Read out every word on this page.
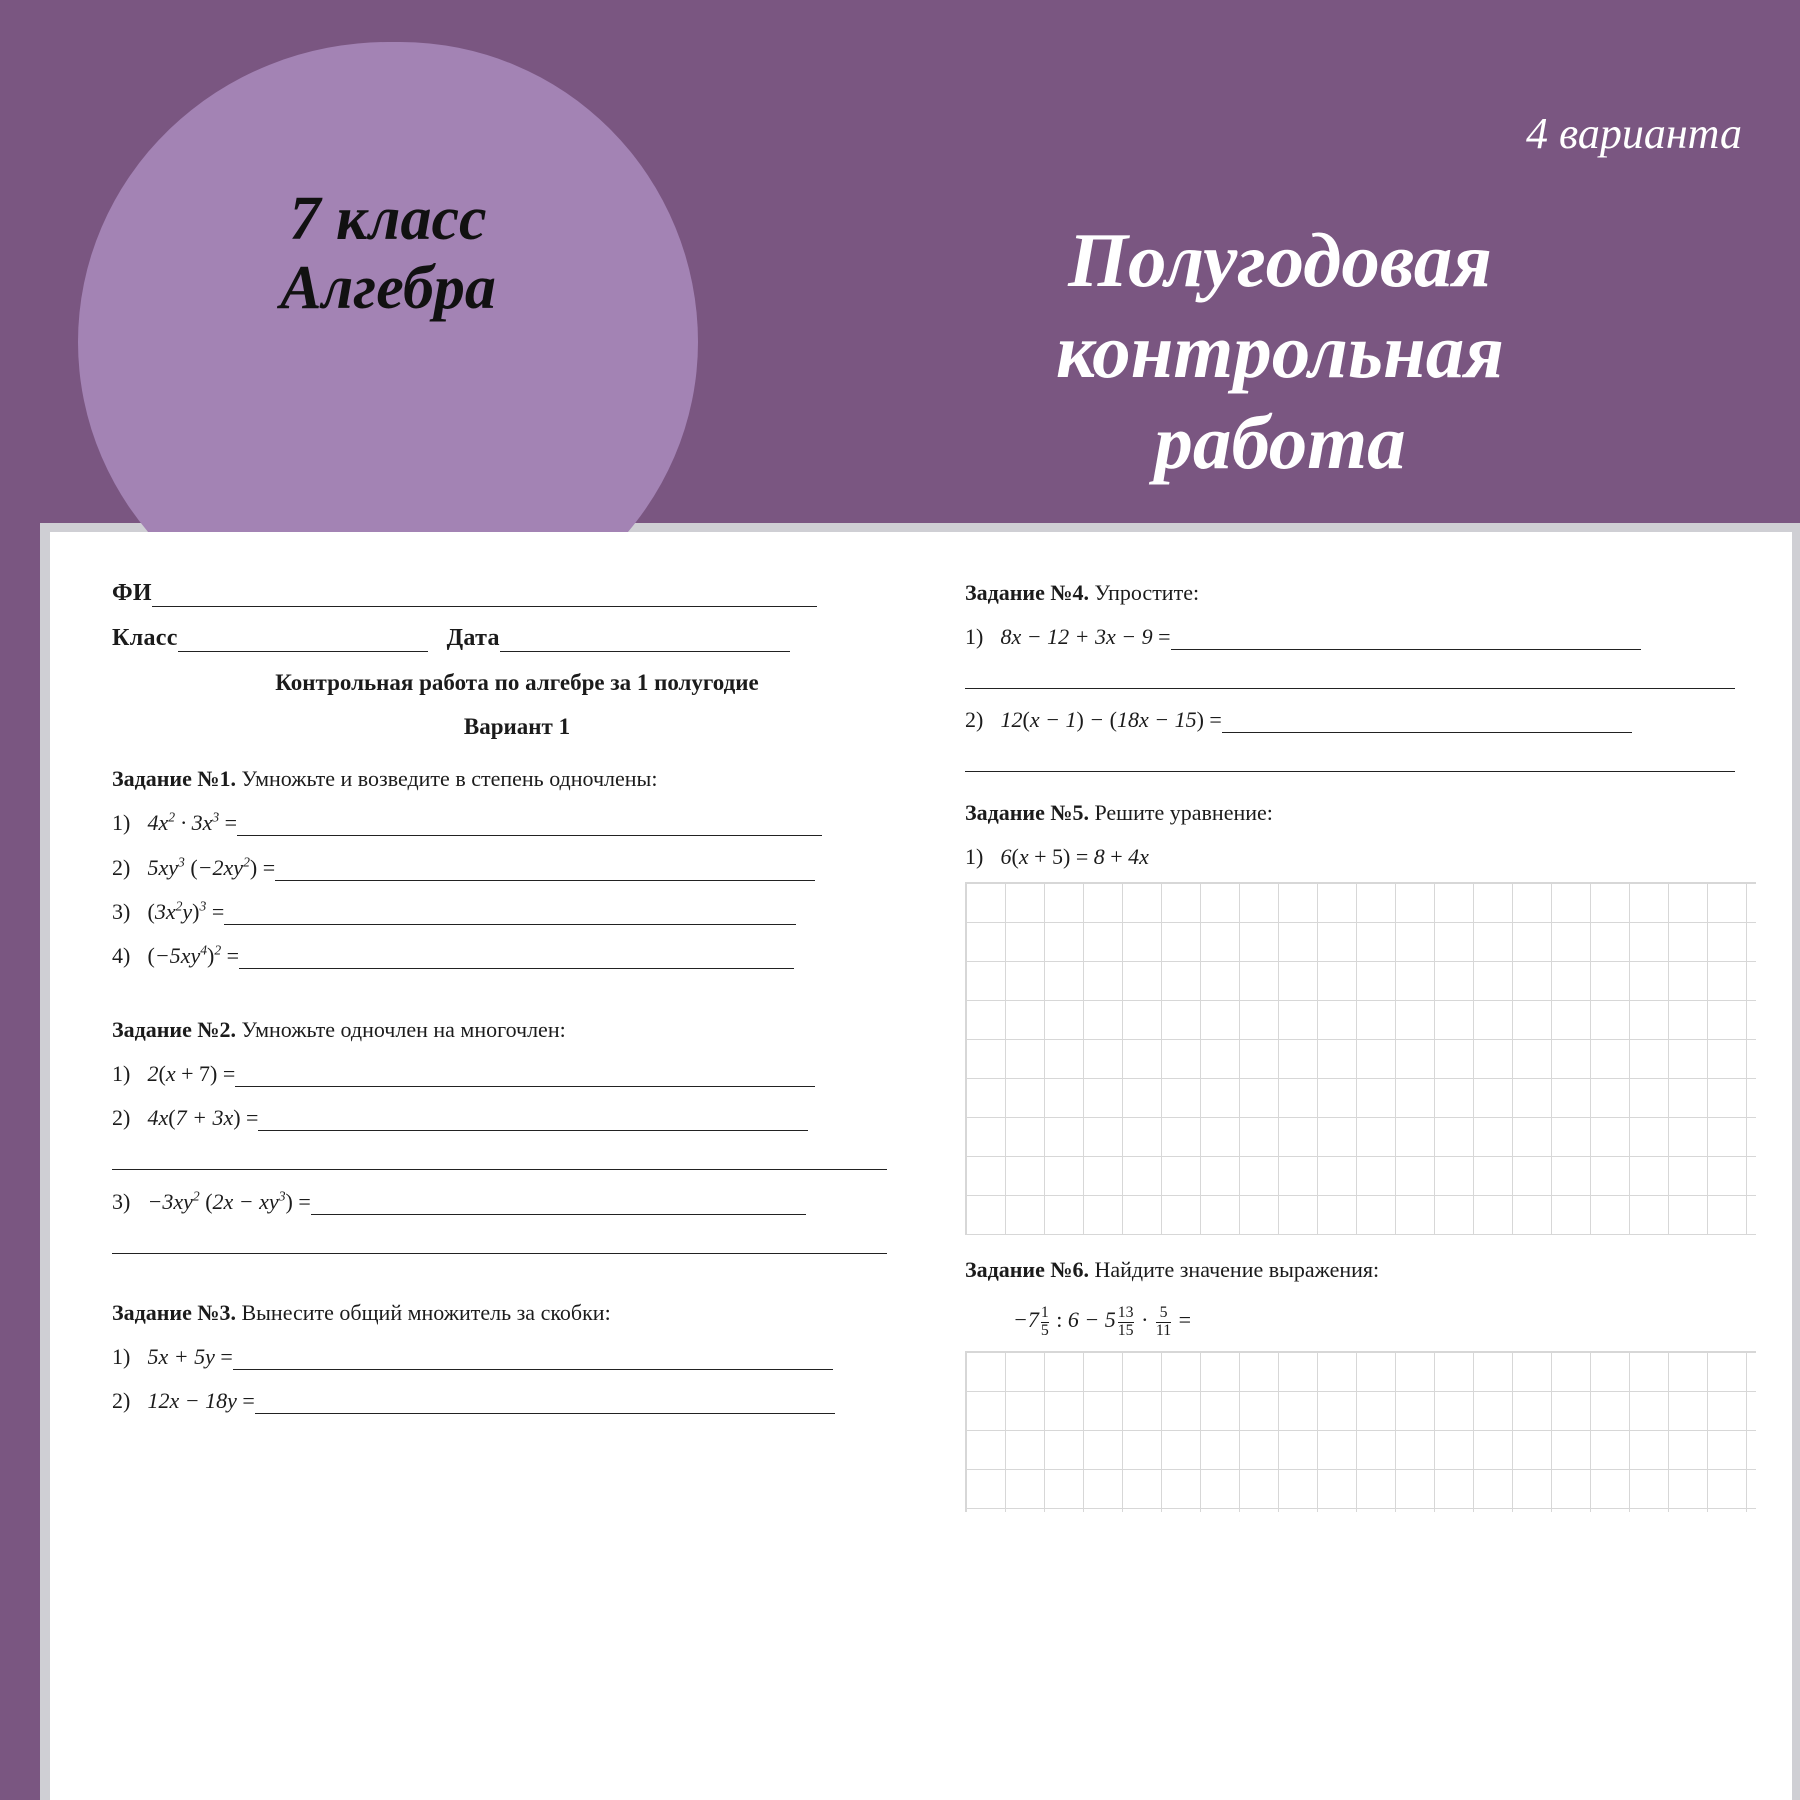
7 класс
Алгебра
4 варианта
Полугодовая
контрольная
работа
ФИ
Класс	Дата
Контрольная работа по алгебре за 1 полугодие
Вариант 1
Задание №1. Умножьте и возведите в степень одночлены:
1) $4x^2 \cdot 3x^3$ =
2) $5xy^3$ $(-2xy^2)$ =
3) $(3x^2y)^3$ =
4) $(-5xy^4)^2$ =
Задание №2. Умножьте одночлен на многочлен:
1) 2(x + 7) =
2) 4x(7 + 3x) =
$3) -3xy^2$ $(2x - xy^3)$ =
Задание №3. Вынесите общий множитель за скобки:
1) 5x + 5y =
2) 12x − 18y =
Задание №4. Упростите:
1) 8x − 12 + 3x − 9 =
2) 12(x − 1) − (18x − 15) =
Задание №5. Решите уравнение:
1) 6(x + 5) = 8 + 4x
Задание №6. Найдите значение выражения:
$-7 \frac{1}{5}$ : $6 - 5 \frac{13}{15} \cdot \frac{5}{11}$ =
